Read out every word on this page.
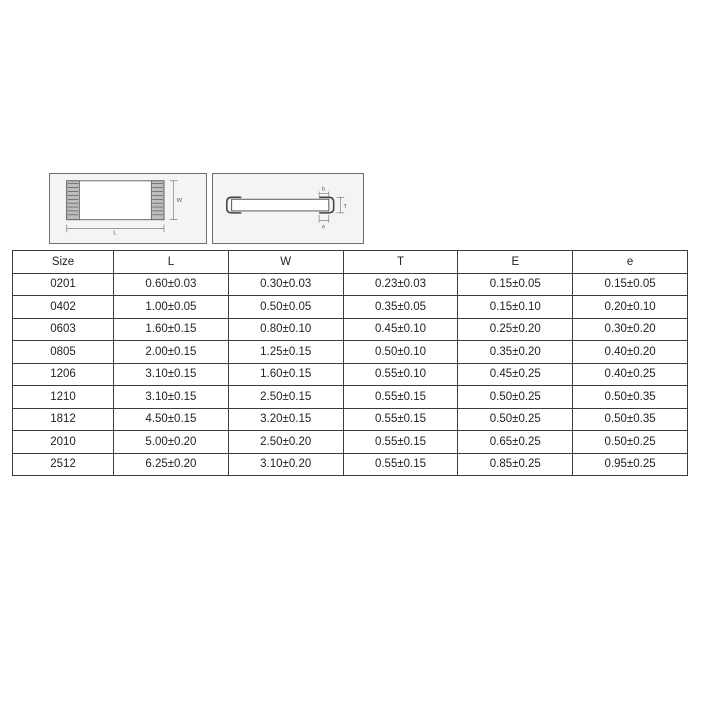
L
W
b
e
T
Size	L	W	T	E	e
0201	0.60±0.03	0.30±0.03	0.23±0.03	0.15±0.05	0.15±0.05
0402	1.00±0.05	0.50±0.05	0.35±0.05	0.15±0.10	0.20±0.10
0603	1.60±0.15	0.80±0.10	0.45±0.10	0.25±0.20	0.30±0.20
0805	2.00±0.15	1.25±0.15	0.50±0.10	0.35±0.20	0.40±0.20
1206	3.10±0.15	1.60±0.15	0.55±0.10	0.45±0.25	0.40±0.25
1210	3.10±0.15	2.50±0.15	0.55±0.15	0.50±0.25	0.50±0.35
1812	4.50±0.15	3.20±0.15	0.55±0.15	0.50±0.25	0.50±0.35
2010	5.00±0.20	2.50±0.20	0.55±0.15	0.65±0.25	0.50±0.25
2512	6.25±0.20	3.10±0.20	0.55±0.15	0.85±0.25	0.95±0.25
